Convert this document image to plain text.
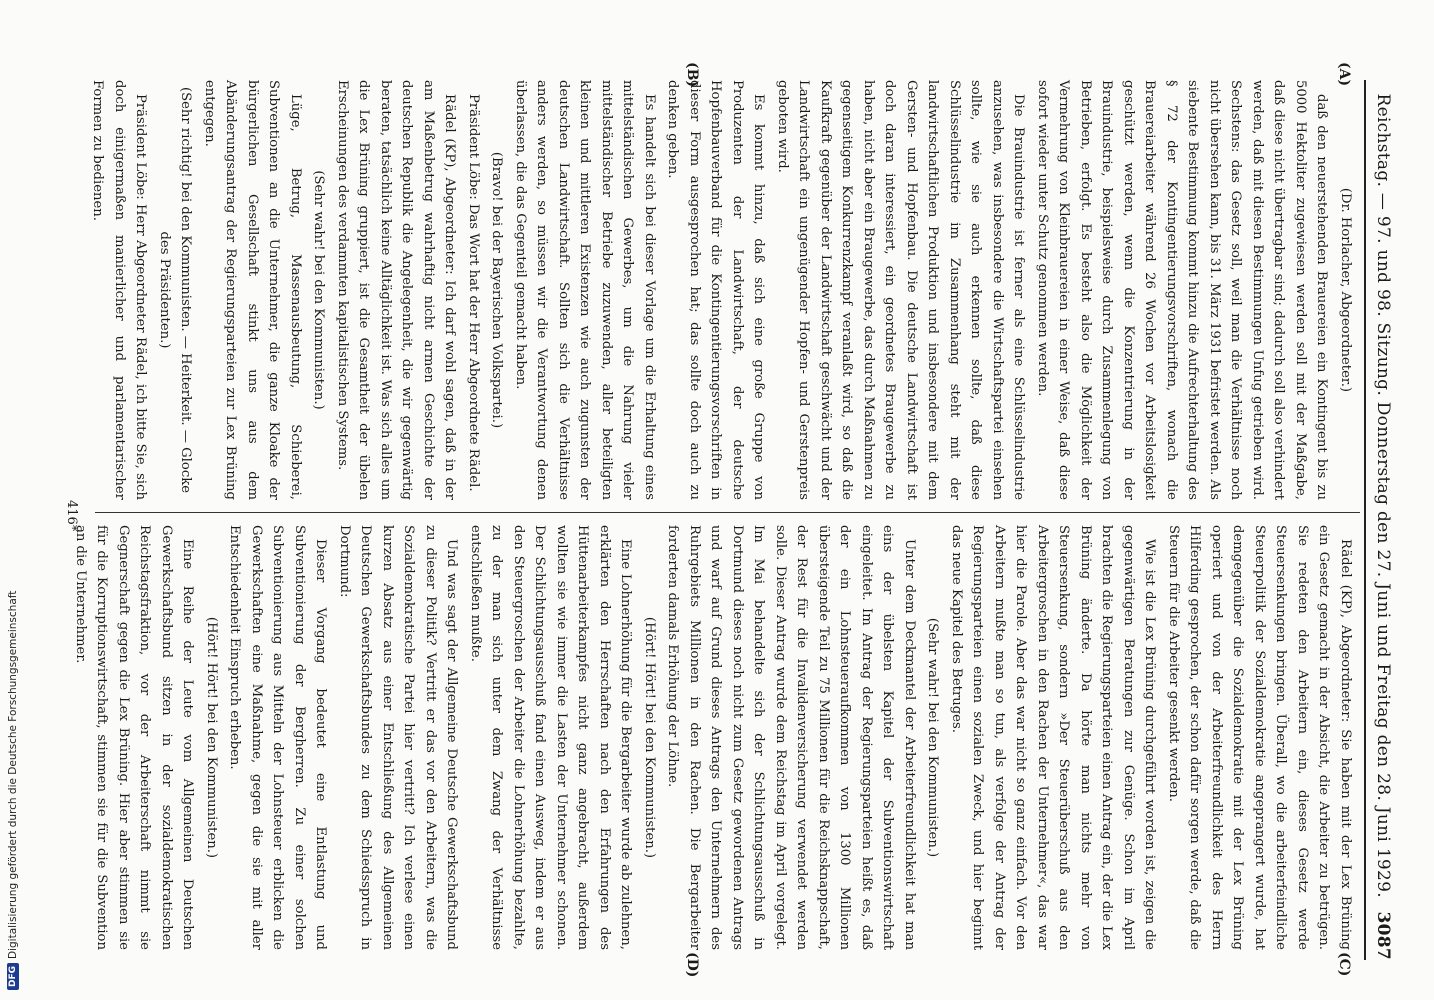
DFG
Digitalisierung gefördert durch die Deutsche Forschungsgemeinschaft	Reichstag. — 97. und 98. Sitzung. Donnerstag den 27. Juni und Freitag den 28. Juni 1929.
3087
(A)
(B)
(C)
(D)

(Dr. Horlacher, Abgeordneter.)

daß den neuerstehenden Brauereien ein Kontingent bis zu 5000 Hektoliter zugewiesen werden soll mit der Maßgabe, daß diese nicht übertragbar sind; dadurch soll also verhindert werden, daß mit diesen Bestimmungen Unfug getrieben wird. Sechstens: das Gesetz soll, weil man die Verhältnisse noch nicht übersehen kann, bis 31. März 1931 befristet werden. Als siebente Bestimmung kommt hinzu die Aufrechterhaltung des § 72 der Kontingentierungsvorschriften, wonach die Brauereiarbeiter während 26 Wochen vor Arbeitslosigkeit geschützt werden, wenn die Konzentrierung in der Brauindustrie, beispielsweise durch Zusammenlegung von Betrieben, erfolgt. Es besteht also die Möglichkeit der Vermehrung von Kleinbrauereien in einer Weise, daß diese sofort wieder unter Schutz genommen werden.

Die Brauindustrie ist ferner als eine Schlüsselindustrie anzusehen, was insbesondere die Wirtschaftspartei einsehen sollte, wie sie auch erkennen sollte, daß diese Schlüsselindustrie im Zusammenhang steht mit der landwirtschaftlichen Produktion und insbesondere mit dem Gersten- und Hopfenbau. Die deutsche Landwirtschaft ist doch daran interessiert, ein geordnetes Braugewerbe zu haben, nicht aber ein Braugewerbe, das durch Maßnahmen zu gegenseitigem Konkurrenzkampf veranlaßt wird, so daß die Kaufkraft gegenüber der Landwirtschaft geschwächt und der Landwirtschaft ein ungenügender Hopfen- und Gerstenpreis geboten wird.

Es kommt hinzu, daß sich eine große Gruppe von Produzenten der Landwirtschaft, der deutsche Hopfenbauverband für die Kontingentierungsvorschriften in dieser Form ausgesprochen hat; das sollte doch auch zu denken geben.

Es handelt sich bei dieser Vorlage um die Erhaltung eines mittelständischen Gewerbes, um die Nahrung vieler mittelständischer Betriebe zuzuwenden, aller beteiligten kleinen und mittleren Existenzen wie auch zugunsten der deutschen Landwirtschaft. Sollten sich die Verhältnisse anders werden, so müssen wir die Verantwortung denen überlassen, die das Gegenteil gemacht haben.

(Bravo! bei der Bayerischen Volkspartei.)

Präsident Löbe: Das Wort hat der Herr Abgeordnete Rädel.

Rädel (KP), Abgeordneter: Ich darf wohl sagen, daß in der am Maßenbetrug wahrhaftig nicht armen Geschichte der deutschen Republik die Angelegenheit, die wir gegenwärtig beraten, tatsächlich keine Alltäglichkeit ist. Was sich alles um die Lex Brüning gruppiert, ist die Gesamtheit der übelen Erscheinungen des verdammten kapitalistischen Systems.

(Sehr wahr! bei den Kommunisten.)

Lüge, Betrug, Massenausbeutung, Schieberei, Subventionen an die Unternehmer, die ganze Kloake der bürgerlichen Gesellschaft stinkt uns aus dem Abänderungsantrag der Regierungsparteien zur Lex Brüning entgegen.

(Sehr richtig! bei den Kommunisten. — Heiterkeit. — Glocke des Präsidenten.)

Präsident Löbe: Herr Abgeordneter Rädel, ich bitte Sie, sich doch einigermaßen manierlicher und parlamentarischer Formen zu bedienen.

Rädel (KP), Abgeordneter: Sie haben mit der Lex Brüning ein Gesetz gemacht in der Absicht, die Arbeiter zu betrügen. Sie redeten den Arbeitern ein, dieses Gesetz werde Steuersenkungen bringen. Überall, wo die arbeiterfeindliche Steuerpolitik der Sozialdemokratie angeprangert wurde, hat demgegenüber die Sozialdemokratie mit der Lex Brüning operiert und von der Arbeiterfreundlichkeit des Herrn Hilferding gesprochen, der schon dafür sorgen werde, daß die Steuern für die Arbeiter gesenkt werden.

Wie ist die Lex Brüning durchgeführt worden ist, zeigen die gegenwärtigen Beratungen zur Genüge. Schon im April brachten die Regierungsparteien einen Antrag ein, der die Lex Brüning änderte. Da hörte man nichts mehr von Steuersenkung, sondern »Der Steuerüberschuß aus den Arbeitergroschen in den Rachen der Unternehmer«, das war hier die Parole. Aber das war nicht so ganz einfach. Vor den Arbeitern mußte man so tun, als verfolge der Antrag der Regierungsparteien einen sozialen Zweck, und hier beginnt das neue Kapitel des Betruges.

(Sehr wahr! bei den Kommunisten.)

Unter dem Deckmantel der Arbeiterfreundlichkeit hat man eins der übelsten Kapitel der Subventionswirtschaft eingeleitet. Im Antrag der Regierungsparteien heißt es, daß der ein Lohnsteueraufkommen von 1300 Millionen übersteigende Teil zu 75 Millionen für die Reichsknappschaft, der Rest für die Invalidenversicherung verwendet werden solle. Dieser Antrag wurde dem Reichstag im April vorgelegt. Im Mai behandelte sich der Schlichtungsausschuß in Dortmund dieses noch nicht zum Gesetz gewordenen Antrags und warf auf Grund dieses Antrags den Unternehmern des Ruhrgebiets Millionen in den Rachen. Die Bergarbeiter forderten damals Erhöhung der Löhne.

(Hört! Hört! bei den Kommunisten.)

Eine Lohnerhöhung für die Bergarbeiter wurde ab zulehnen, erklärten den Herrschaften nach den Erfahrungen des Hüttenarbeiterkampfes nicht ganz angebracht, außerdem wollten sie wie immer die Lasten der Unternehmer schonen. Der Schlichtungsausschuß fand einen Ausweg, indem er aus den Steuergroschen der Arbeiter die Lohnerhöhung bezahlte, zu der man sich unter dem Zwang der Verhältnisse entschließen mußte.

Und was sagt der Allgemeine Deutsche Gewerkschaftsbund zu dieser Politik? Vertritt er das vor den Arbeitern, was die Sozialdemokratische Partei hier vertritt? Ich verlese einen kurzen Absatz aus einer Entschließung des Allgemeinen Deutschen Gewerkschaftsbundes zu dem Schiedsspruch in Dortmund:

Dieser Vorgang bedeutet eine Entlastung und Subventionierung der Bergherren. Zu einer solchen Subventionierung aus Mitteln der Lohnsteuer erblicken die Gewerkschaften eine Maßnahme, gegen die sie mit aller Entschiedenheit Einspruch erheben.

(Hört! Hört! bei den Kommunisten.)

Eine Reihe der Leute vom Allgemeinen Deutschen Gewerkschaftsbund sitzen in der sozialdemokratischen Reichstagsfraktion, vor der Arbeiterschaft nimmt sie Gegnerschaft gegen die Lex Brüning. Hier aber stimmen sie für die Korruptionswirtschaft, stimmen sie für die Subvention an die Unternehmer.

416*
